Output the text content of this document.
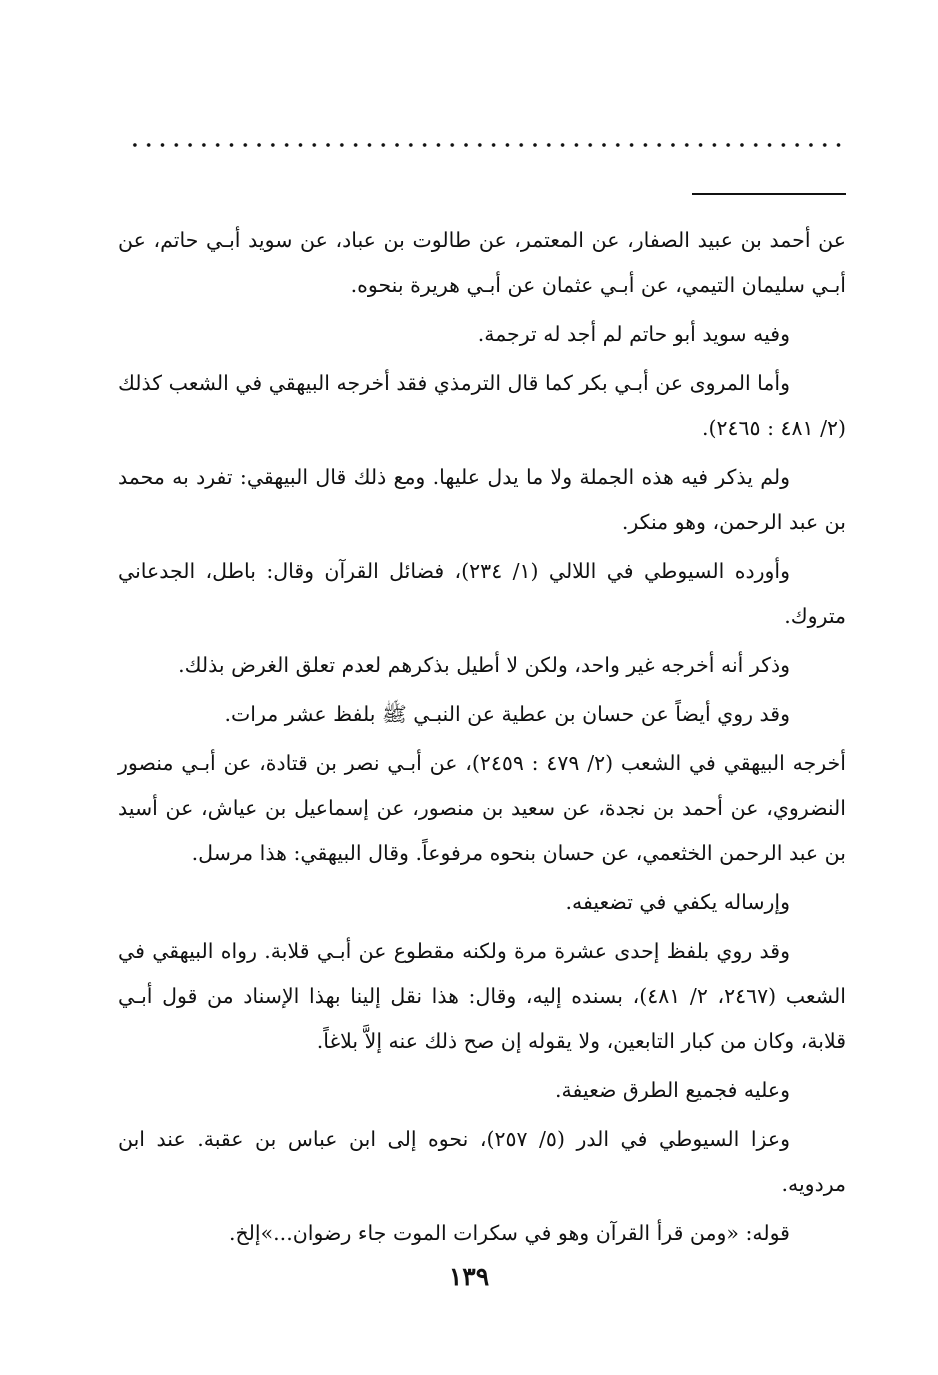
عن أحمد بن عبيد الصفار، عن المعتمر، عن طالوت بن عباد، عن سويد أبـي حاتم، عن أبـي سليمان التيمي، عن أبـي عثمان عن أبـي هريرة بنحوه.

وفيه سويد أبو حاتم لم أجد له ترجمة.

وأما المروى عن أبـي بكر كما قال الترمذي فقد أخرجه البيهقي في الشعب كذلك (٢/ ٤٨١ : ٢٤٦٥).

ولم يذكر فيه هذه الجملة ولا ما يدل عليها. ومع ذلك قال البيهقي: تفرد به محمد بن عبد الرحمن، وهو منكر.

وأورده السيوطي في اللالي (١/ ٢٣٤)، فضائل القرآن وقال: باطل، الجدعاني متروك.

وذكر أنه أخرجه غير واحد، ولكن لا أطيل بذكرهم لعدم تعلق الغرض بذلك.

وقد روي أيضاً عن حسان بن عطية عن النبـي ﷺ بلفظ عشر مرات.

أخرجه البيهقي في الشعب (٢/ ٤٧٩ : ٢٤٥٩)، عن أبـي نصر بن قتادة، عن أبـي منصور النضروي، عن أحمد بن نجدة، عن سعيد بن منصور، عن إسماعيل بن عياش، عن أسيد بن عبد الرحمن الخثعمي، عن حسان بنحوه مرفوعاً. وقال البيهقي: هذا مرسل.

وإرساله يكفي في تضعيفه.

وقد روي بلفظ إحدى عشرة مرة ولكنه مقطوع عن أبـي قلابة. رواه البيهقي في الشعب (٢٤٦٧، ٢/ ٤٨١)، بسنده إليه، وقال: هذا نقل إلينا بهذا الإسناد من قول أبـي قلابة، وكان من كبار التابعين، ولا يقوله إن صح ذلك عنه إلاَّ بلاغاً.

وعليه فجميع الطرق ضعيفة.

وعزا السيوطي في الدر (٥/ ٢٥٧)، نحوه إلى ابن عباس بن عقبة. عند ابن مردويه.

قوله: «ومن قرأ القرآن وهو في سكرات الموت جاء رضوان...»إلخ.

١٣٩
